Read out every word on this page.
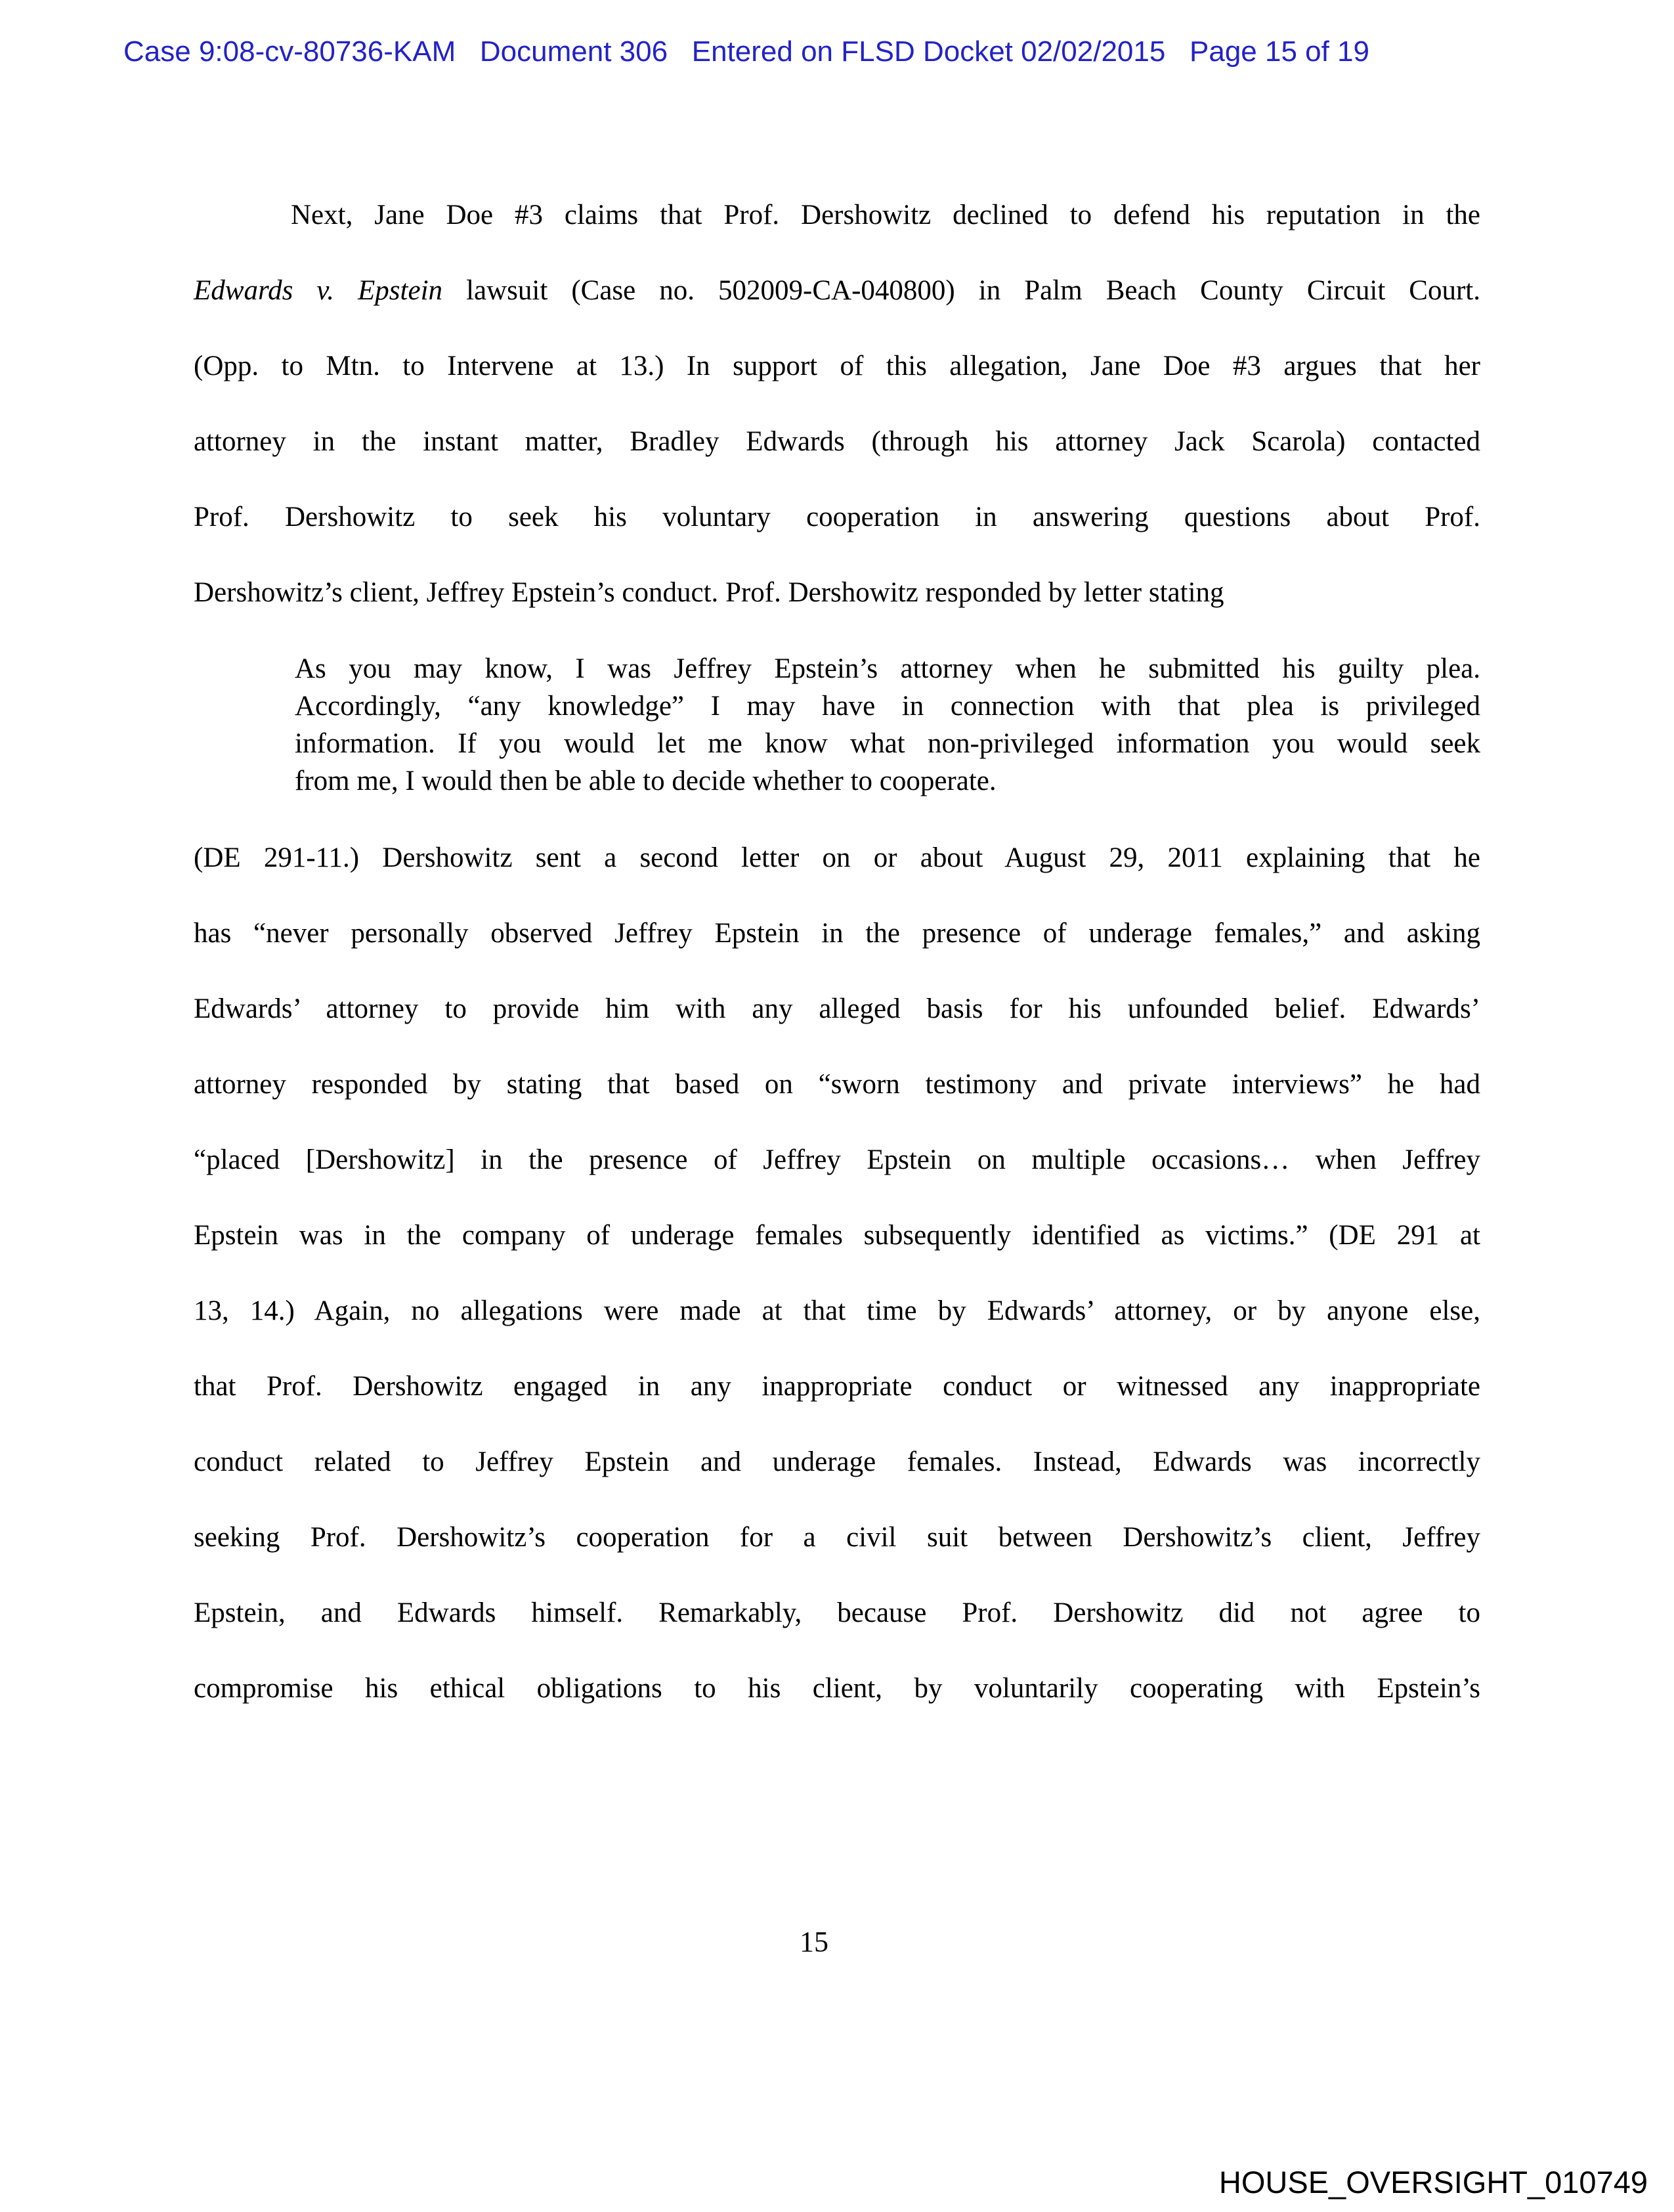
Case 9:08-cv-80736-KAM   Document 306   Entered on FLSD Docket 02/02/2015   Page 15 of 19
Next, Jane Doe #3 claims that Prof. Dershowitz declined to defend his reputation in the
Edwards v. Epstein lawsuit (Case no. 502009-CA-040800) in Palm Beach County Circuit Court.
(Opp. to Mtn. to Intervene at 13.) In support of this allegation, Jane Doe #3 argues that her
attorney in the instant matter, Bradley Edwards (through his attorney Jack Scarola) contacted
Prof. Dershowitz to seek his voluntary cooperation in answering questions about Prof.
Dershowitz’s client, Jeffrey Epstein’s conduct. Prof. Dershowitz responded by letter stating
As you may know, I was Jeffrey Epstein’s attorney when he submitted his guilty plea.
Accordingly, “any knowledge” I may have in connection with that plea is privileged
information. If you would let me know what non-privileged information you would seek
from me, I would then be able to decide whether to cooperate.
(DE 291-11.) Dershowitz sent a second letter on or about August 29, 2011 explaining that he
has “never personally observed Jeffrey Epstein in the presence of underage females,” and asking
Edwards’ attorney to provide him with any alleged basis for his unfounded belief. Edwards’
attorney responded by stating that based on “sworn testimony and private interviews” he had
“placed [Dershowitz] in the presence of Jeffrey Epstein on multiple occasions… when Jeffrey
Epstein was in the company of underage females subsequently identified as victims.” (DE 291 at
13, 14.) Again, no allegations were made at that time by Edwards’ attorney, or by anyone else,
that Prof. Dershowitz engaged in any inappropriate conduct or witnessed any inappropriate
conduct related to Jeffrey Epstein and underage females. Instead, Edwards was incorrectly
seeking Prof. Dershowitz’s cooperation for a civil suit between Dershowitz’s client, Jeffrey
Epstein, and Edwards himself. Remarkably, because Prof. Dershowitz did not agree to
compromise his ethical obligations to his client, by voluntarily cooperating with Epstein’s
15
HOUSE_OVERSIGHT_010749
